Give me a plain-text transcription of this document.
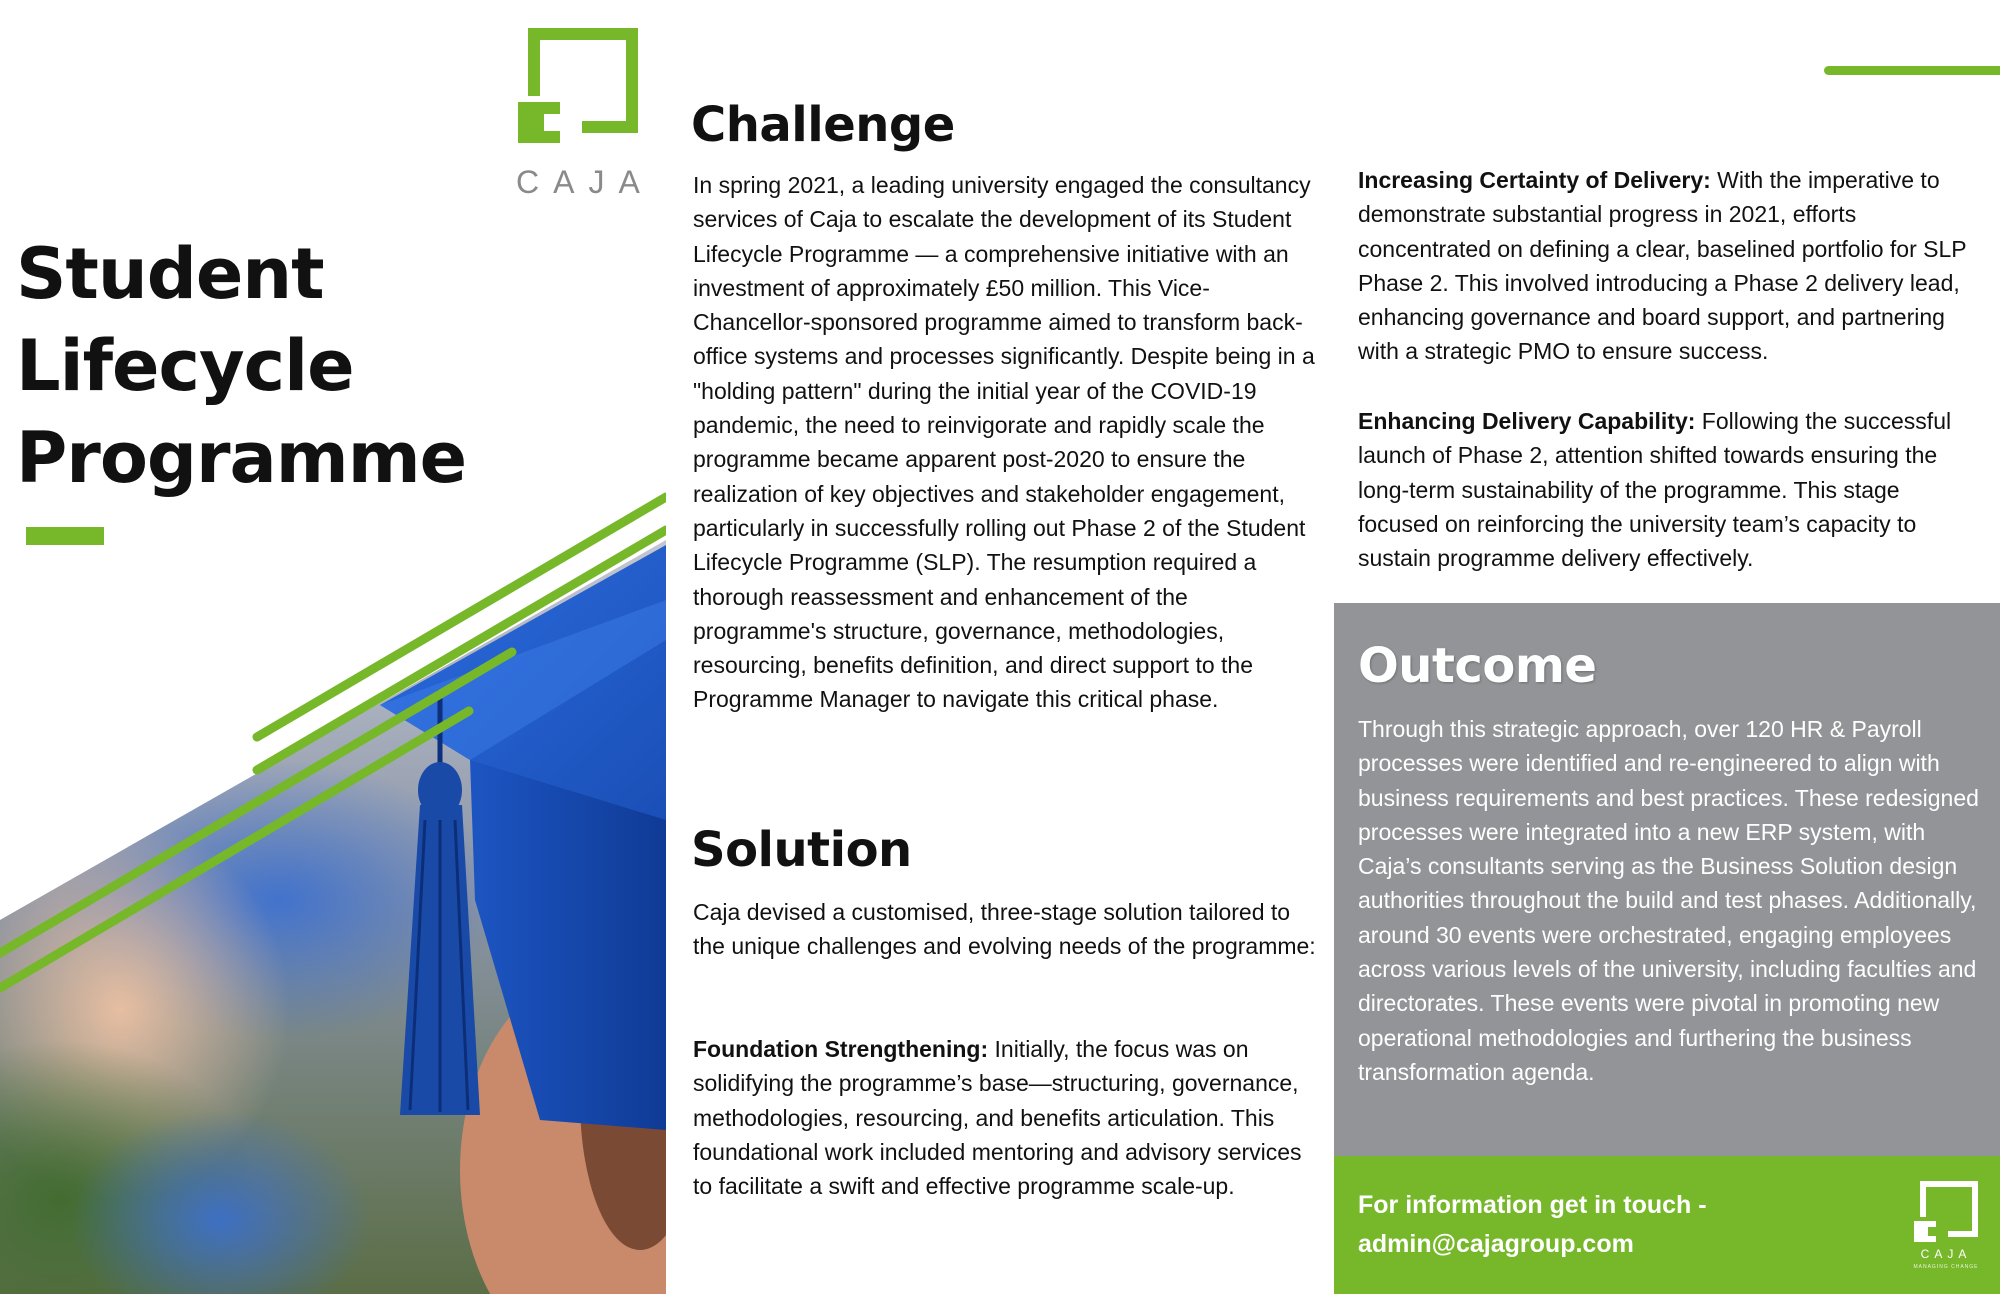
CAJA
Student
Lifecycle
Programme
Challenge
In spring 2021, a leading university engaged the consultancy services of Caja to escalate the development of its Student Lifecycle Programme — a comprehensive initiative with an investment of approximately £50 million. This Vice-Chancellor-sponsored programme aimed to transform back-office systems and processes significantly. Despite being in a "holding pattern" during the initial year of the COVID-19 pandemic, the need to reinvigorate and rapidly scale the programme became apparent post-2020 to ensure the realization of key objectives and stakeholder engagement, particularly in successfully rolling out Phase 2 of the Student Lifecycle Programme (SLP). The resumption required a thorough reassessment and enhancement of the programme's structure, governance, methodologies, resourcing, benefits definition, and direct support to the Programme Manager to navigate this critical phase.
Solution
Caja devised a customised, three-stage solution tailored to the unique challenges and evolving needs of the programme:
Foundation Strengthening: Initially, the focus was on solidifying the programme’s base—structuring, governance, methodologies, resourcing, and benefits articulation. This foundational work included mentoring and advisory services to facilitate a swift and effective programme scale-up.
Increasing Certainty of Delivery: With the imperative to demonstrate substantial progress in 2021, efforts concentrated on defining a clear, baselined portfolio for SLP Phase 2. This involved introducing a Phase 2 delivery lead, enhancing governance and board support, and partnering with a strategic PMO to ensure success.
Enhancing Delivery Capability: Following the successful launch of Phase 2, attention shifted towards ensuring the long-term sustainability of the programme. This stage focused on reinforcing the university team’s capacity to sustain programme delivery effectively.
Outcome
Through this strategic approach, over 120 HR & Payroll processes were identified and re-engineered to align with business requirements and best practices. These redesigned processes were integrated into a new ERP system, with Caja’s consultants serving as the Business Solution design authorities throughout the build and test phases. Additionally, around 30 events were orchestrated, engaging employees across various levels of the university, including faculties and directorates. These events were pivotal in promoting new operational methodologies and furthering the business transformation agenda.
For information get in touch -
admin@cajagroup.com	CAJA
MANAGING CHANGE
